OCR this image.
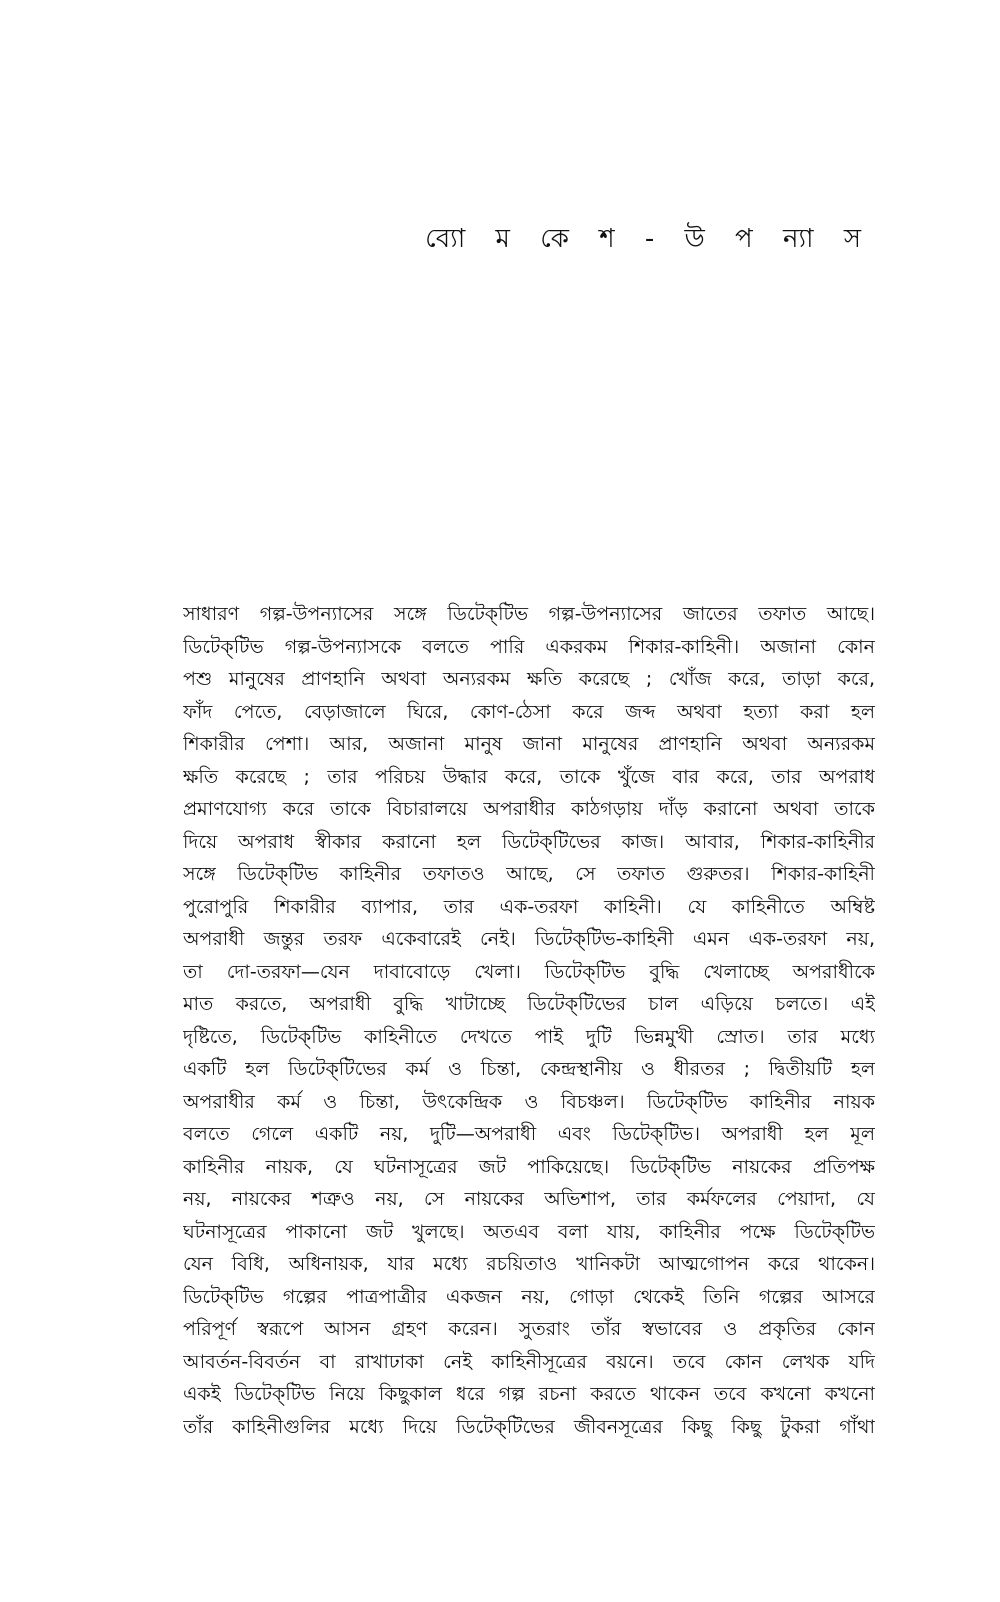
ব্যো ম কে শ - উ প ন্যা স
সাধারণ গল্প-উপন্যাসের সঙ্গে ডিটেক্‌টিভ গল্প-উপন্যাসের জাতের তফাত আছে।
ডিটেক্‌টিভ গল্প-উপন্যাসকে বলতে পারি একরকম শিকার-কাহিনী। অজানা কোন
পশু মানুষের প্রাণহানি অথবা অন্যরকম ক্ষতি করেছে ; খোঁজ করে, তাড়া করে,
ফাঁদ পেতে, বেড়াজালে ঘিরে, কোণ-ঠেসা করে জব্দ অথবা হত্যা করা হল
শিকারীর পেশা। আর, অজানা মানুষ জানা মানুষের প্রাণহানি অথবা অন্যরকম
ক্ষতি করেছে ; তার পরিচয় উদ্ধার করে, তাকে খুঁজে বার করে, তার অপরাধ
প্রমাণযোগ্য করে তাকে বিচারালয়ে অপরাধীর কাঠগড়ায় দাঁড় করানো অথবা তাকে
দিয়ে অপরাধ স্বীকার করানো হল ডিটেক্‌টিভের কাজ। আবার, শিকার-কাহিনীর
সঙ্গে ডিটেক্‌টিভ কাহিনীর তফাতও আছে, সে তফাত গুরুতর। শিকার-কাহিনী
পুরোপুরি শিকারীর ব্যাপার, তার এক-তরফা কাহিনী। যে কাহিনীতে অম্বিষ্ট
অপরাধী জন্তুর তরফ একেবারেই নেই। ডিটেক্‌টিভ-কাহিনী এমন এক-তরফা নয়,
তা দো-তরফা—যেন দাবাবোড়ে খেলা। ডিটেক্‌টিভ বুদ্ধি খেলাচ্ছে অপরাধীকে
মাত করতে, অপরাধী বুদ্ধি খাটাচ্ছে ডিটেক্‌টিভের চাল এড়িয়ে চলতে। এই
দৃষ্টিতে, ডিটেক্‌টিভ কাহিনীতে দেখতে পাই দুটি ভিন্নমুখী স্রোত। তার মধ্যে
একটি হল ডিটেক্‌টিভের কর্ম ও চিন্তা, কেন্দ্রস্থানীয় ও ধীরতর ; দ্বিতীয়টি হল
অপরাধীর কর্ম ও চিন্তা, উৎকেন্দ্রিক ও বিচঞ্চল। ডিটেক্‌টিভ কাহিনীর নায়ক
বলতে গেলে একটি নয়, দুটি—অপরাধী এবং ডিটেক্‌টিভ। অপরাধী হল মূল
কাহিনীর নায়ক, যে ঘটনাসূত্রের জট পাকিয়েছে। ডিটেক্‌টিভ নায়কের প্রতিপক্ষ
নয়, নায়কের শত্রুও নয়, সে নায়কের অভিশাপ, তার কর্মফলের পেয়াদা, যে
ঘটনাসূত্রের পাকানো জট খুলছে। অতএব বলা যায়, কাহিনীর পক্ষে ডিটেক্‌টিভ
যেন বিধি, অধিনায়ক, যার মধ্যে রচয়িতাও খানিকটা আত্মগোপন করে থাকেন।
ডিটেক্‌টিভ গল্পের পাত্রপাত্রীর একজন নয়, গোড়া থেকেই তিনি গল্পের আসরে
পরিপূর্ণ স্বরূপে আসন গ্রহণ করেন। সুতরাং তাঁর স্বভাবের ও প্রকৃতির কোন
আবর্তন-বিবর্তন বা রাখাঢাকা নেই কাহিনীসূত্রের বয়নে। তবে কোন লেখক যদি
একই ডিটেক্‌টিভ নিয়ে কিছুকাল ধরে গল্প রচনা করতে থাকেন তবে কখনো কখনো
তাঁর কাহিনীগুলির মধ্যে দিয়ে ডিটেক্‌টিভের জীবনসূত্রের কিছু কিছু টুকরা গাঁথা
